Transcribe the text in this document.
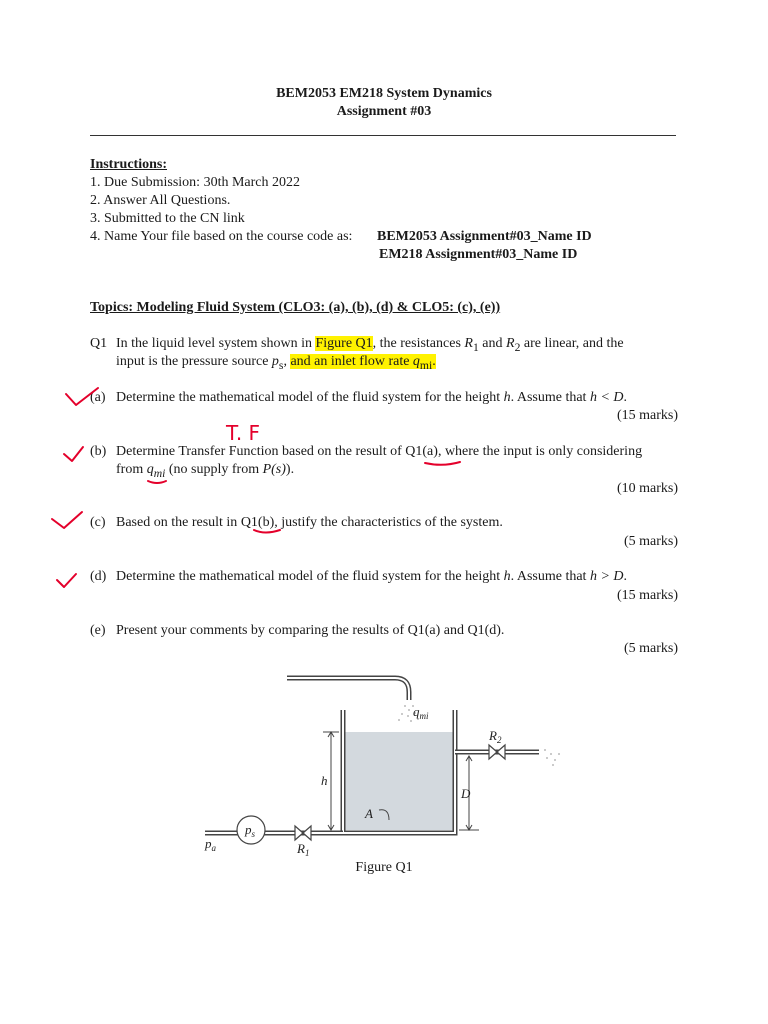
BEM2053 EM218 System Dynamics
Assignment #03
Instructions:
1. Due Submission: 30th March 2022
2. Answer All Questions.
3. Submitted to the CN link
4. Name Your file based on the course code as: BEM2053 Assignment#03_Name ID
EM218 Assignment#03_Name ID
Topics: Modeling Fluid System (CLO3: (a), (b), (d) & CLO5: (c), (e))
Q1 In the liquid level system shown in Figure Q1, the resistances $R_1$ and $R_2$ are linear, and the
input is the pressure source $p_s$, and an inlet flow rate $q_{mi}$.
(a) Determine the mathematical model of the fluid system for the height h. Assume that h < D.
(15 marks)
(b) Determine Transfer Function based on the result of Q1(a), where the input is only considering
from $q_{mi}$ (no supply from P(s)).
(10 marks)
(c) Based on the result in Q1(b), justify the characteristics of the system.
(5 marks)
(d) Determine the mathematical model of the fluid system for the height h. Assume that h > D.
(15 marks)
(e) Present your comments by comparing the results of Q1(a) and Q1(d).
(5 marks)
T. F
$q_{mi}$
$R_2$
h
D
A
$p_s$
$p_a$	$R_1$
Figure Q1
